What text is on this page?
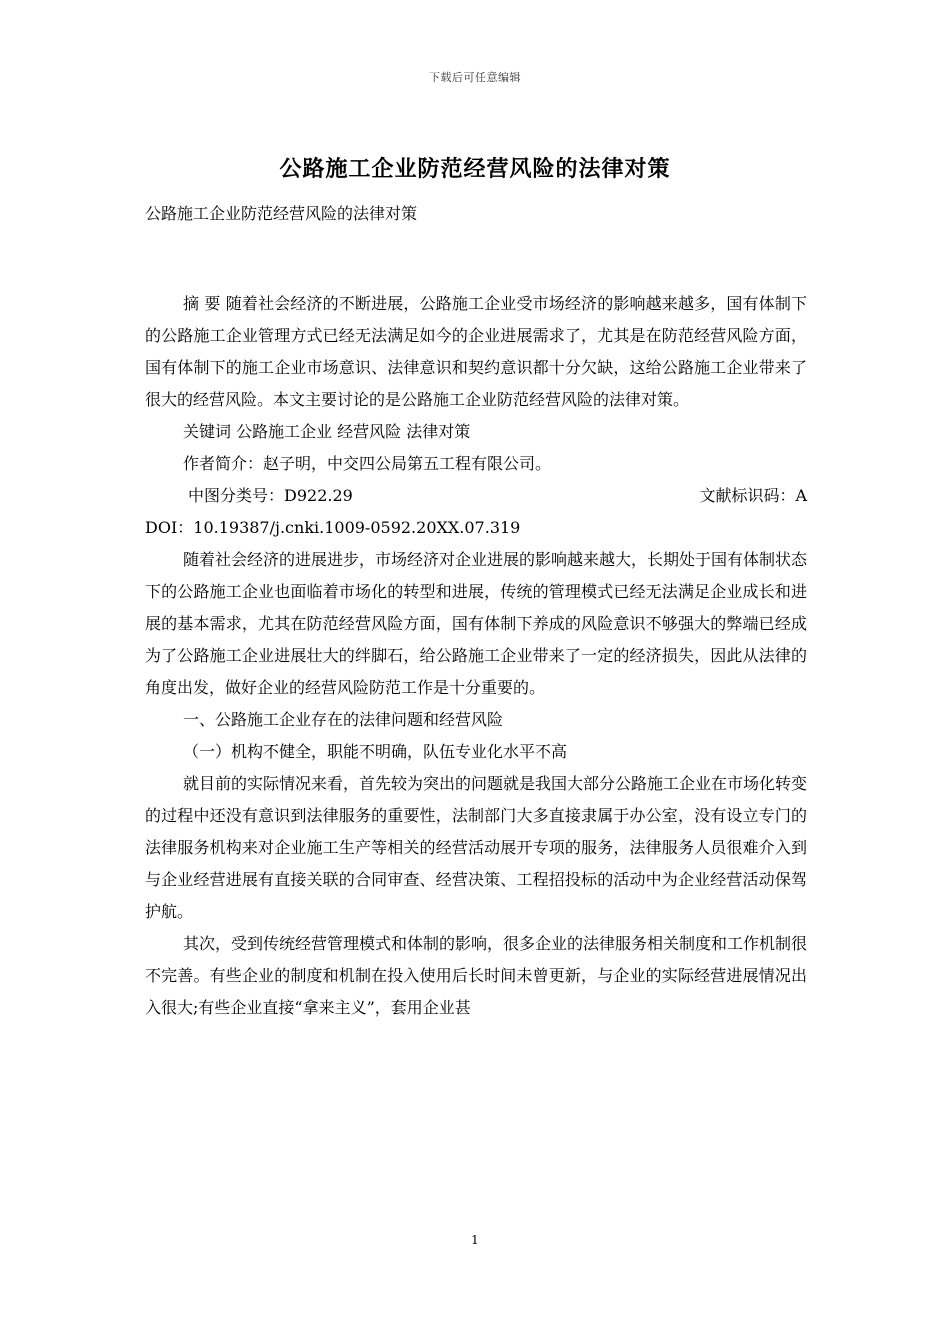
下载后可任意编辑
公路施工企业防范经营风险的法律对策

公路施工企业防范经营风险的法律对策

摘 要 随着社会经济的不断进展，公路施工企业受市场经济的影响越来越多，国有体制下的公路施工企业管理方式已经无法满足如今的企业进展需求了，尤其是在防范经营风险方面，国有体制下的施工企业市场意识、法律意识和契约意识都十分欠缺，这给公路施工企业带来了很大的经营风险。本文主要讨论的是公路施工企业防范经营风险的法律对策。

关键词 公路施工企业 经营风险 法律对策

作者简介：赵子明，中交四公局第五工程有限公司。

中图分类号：D922.29	文献标识码：A

DOI：10.19387/j.cnki.1009-0592.20XX.07.319

随着社会经济的进展进步，市场经济对企业进展的影响越来越大，长期处于国有体制状态下的公路施工企业也面临着市场化的转型和进展，传统的管理模式已经无法满足企业成长和进展的基本需求，尤其在防范经营风险方面，国有体制下养成的风险意识不够强大的弊端已经成为了公路施工企业进展壮大的绊脚石，给公路施工企业带来了一定的经济损失，因此从法律的角度出发，做好企业的经营风险防范工作是十分重要的。

一、公路施工企业存在的法律问题和经营风险

（一）机构不健全，职能不明确，队伍专业化水平不高

就目前的实际情况来看，首先较为突出的问题就是我国大部分公路施工企业在市场化转变的过程中还没有意识到法律服务的重要性，法制部门大多直接隶属于办公室，没有设立专门的法律服务机构来对企业施工生产等相关的经营活动展开专项的服务，法律服务人员很难介入到与企业经营进展有直接关联的合同审查、经营决策、工程招投标的活动中为企业经营活动保驾护航。

其次，受到传统经营管理模式和体制的影响，很多企业的法律服务相关制度和工作机制很不完善。有些企业的制度和机制在投入使用后长时间未曾更新，与企业的实际经营进展情况出入很大;有些企业直接“拿来主义”，套用企业甚

1
